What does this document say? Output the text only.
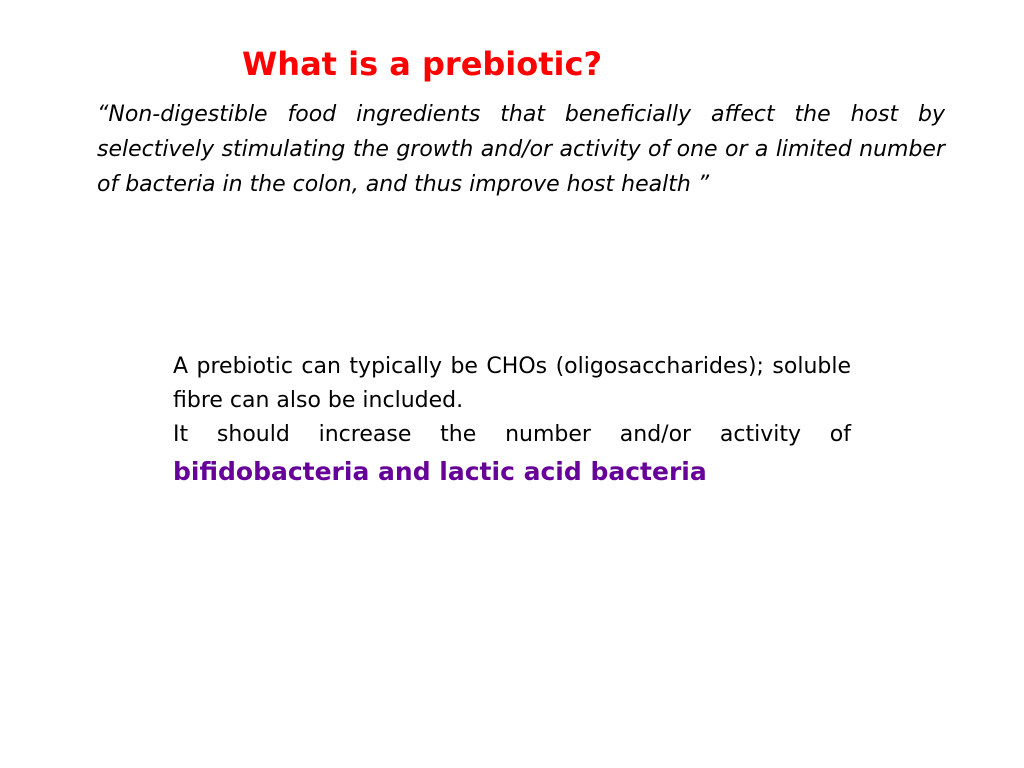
What is a prebiotic?

“Non-digestible food ingredients that beneficially affect the host by selectively stimulating the growth and/or activity of one or a limited number of bacteria in the colon, and thus improve host health ”

A prebiotic can typically be CHOs (oligosaccharides); soluble fibre can also be included.

It should increase the number and/or activity of

bifidobacteria and lactic acid bacteria
